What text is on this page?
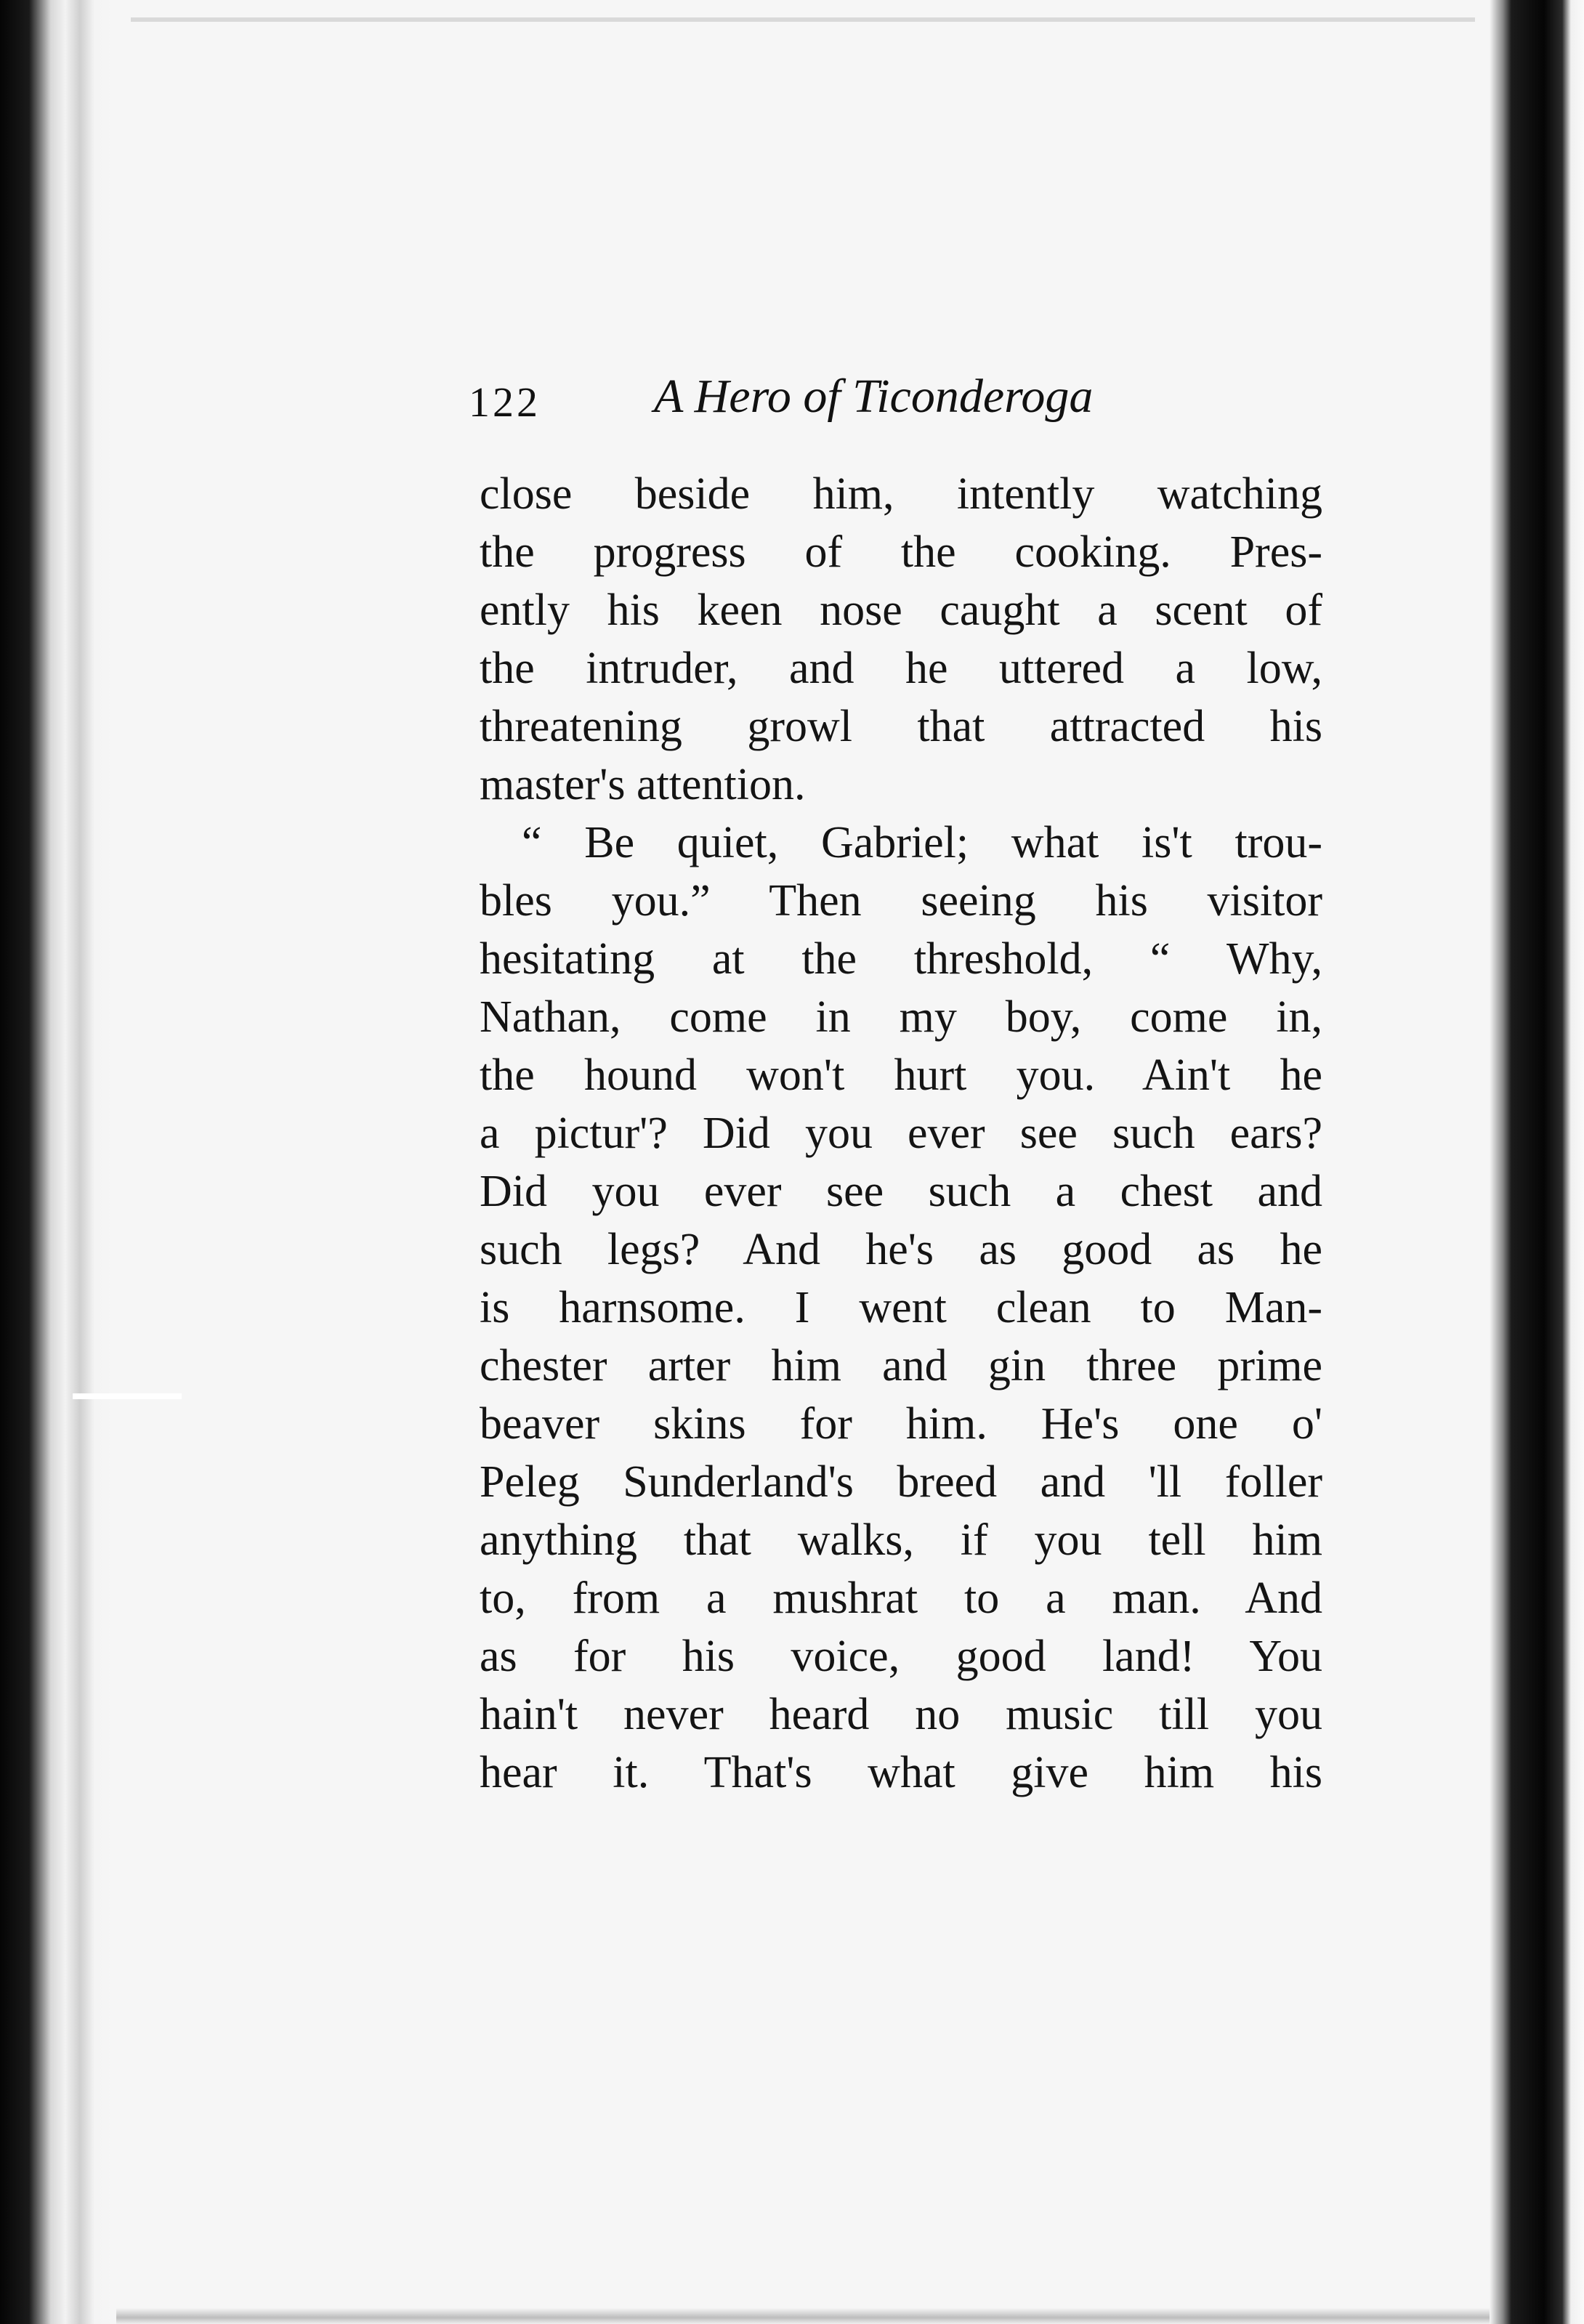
122 A Hero of Ticonderoga
close beside him, intently watching
the progress of the cooking. Pres-
ently his keen nose caught a scent of
the intruder, and he uttered a low,
threatening growl that attracted his
master's attention.
“ Be quiet, Gabriel; what is't trou-
bles you.” Then seeing his visitor
hesitating at the threshold, “ Why,
Nathan, come in my boy, come in,
the hound won't hurt you. Ain't he
a pictur'? Did you ever see such ears?
Did you ever see such a chest and
such legs? And he's as good as he
is harnsome. I went clean to Man-
chester arter him and gin three prime
beaver skins for him. He's one o'
Peleg Sunderland's breed and 'll foller
anything that walks, if you tell him
to, from a mushrat to a man. And
as for his voice, good land! You
hain't never heard no music till you
hear it. That's what give him his
